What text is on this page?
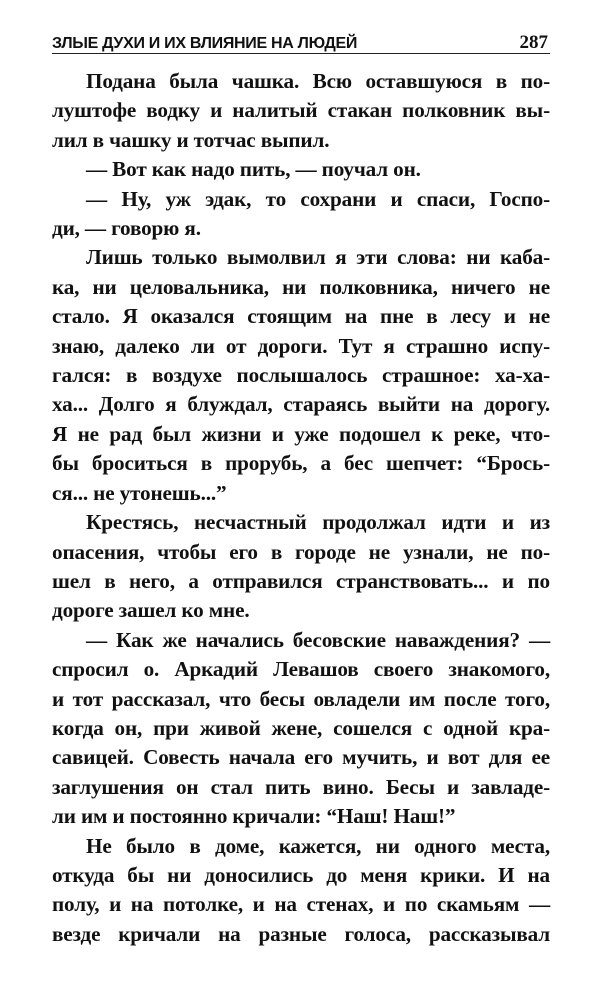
ЗЛЫЕ ДУХИ И ИХ ВЛИЯНИЕ НА ЛЮДЕЙ	287
Подана была чашка. Всю оставшуюся в по-
луштофе водку и налитый стакан полковник вы-
лил в чашку и тотчас выпил.
— Вот как надо пить, — поучал он.
— Ну, уж эдак, то сохрани и спаси, Госпо-
ди, — говорю я.
Лишь только вымолвил я эти слова: ни каба-
ка, ни целовальника, ни полковника, ничего не
стало. Я оказался стоящим на пне в лесу и не
знаю, далеко ли от дороги. Тут я страшно испу-
гался: в воздухе послышалось страшное: ха-ха-
ха... Долго я блуждал, стараясь выйти на дорогу.
Я не рад был жизни и уже подошел к реке, что-
бы броситься в прорубь, а бес шепчет: “Брось-
ся... не утонешь...”
Крестясь, несчастный продолжал идти и из
опасения, чтобы его в городе не узнали, не по-
шел в него, а отправился странствовать... и по
дороге зашел ко мне.
— Как же начались бесовские наваждения? —
спросил о. Аркадий Левашов своего знакомого,
и тот рассказал, что бесы овладели им после того,
когда он, при живой жене, сошелся с одной кра-
савицей. Совесть начала его мучить, и вот для ее
заглушения он стал пить вино. Бесы и завладе-
ли им и постоянно кричали: “Наш! Наш!”
Не было в доме, кажется, ни одного места,
откуда бы ни доносились до меня крики. И на
полу, и на потолке, и на стенах, и по скамьям —
везде кричали на разные голоса, рассказывал
